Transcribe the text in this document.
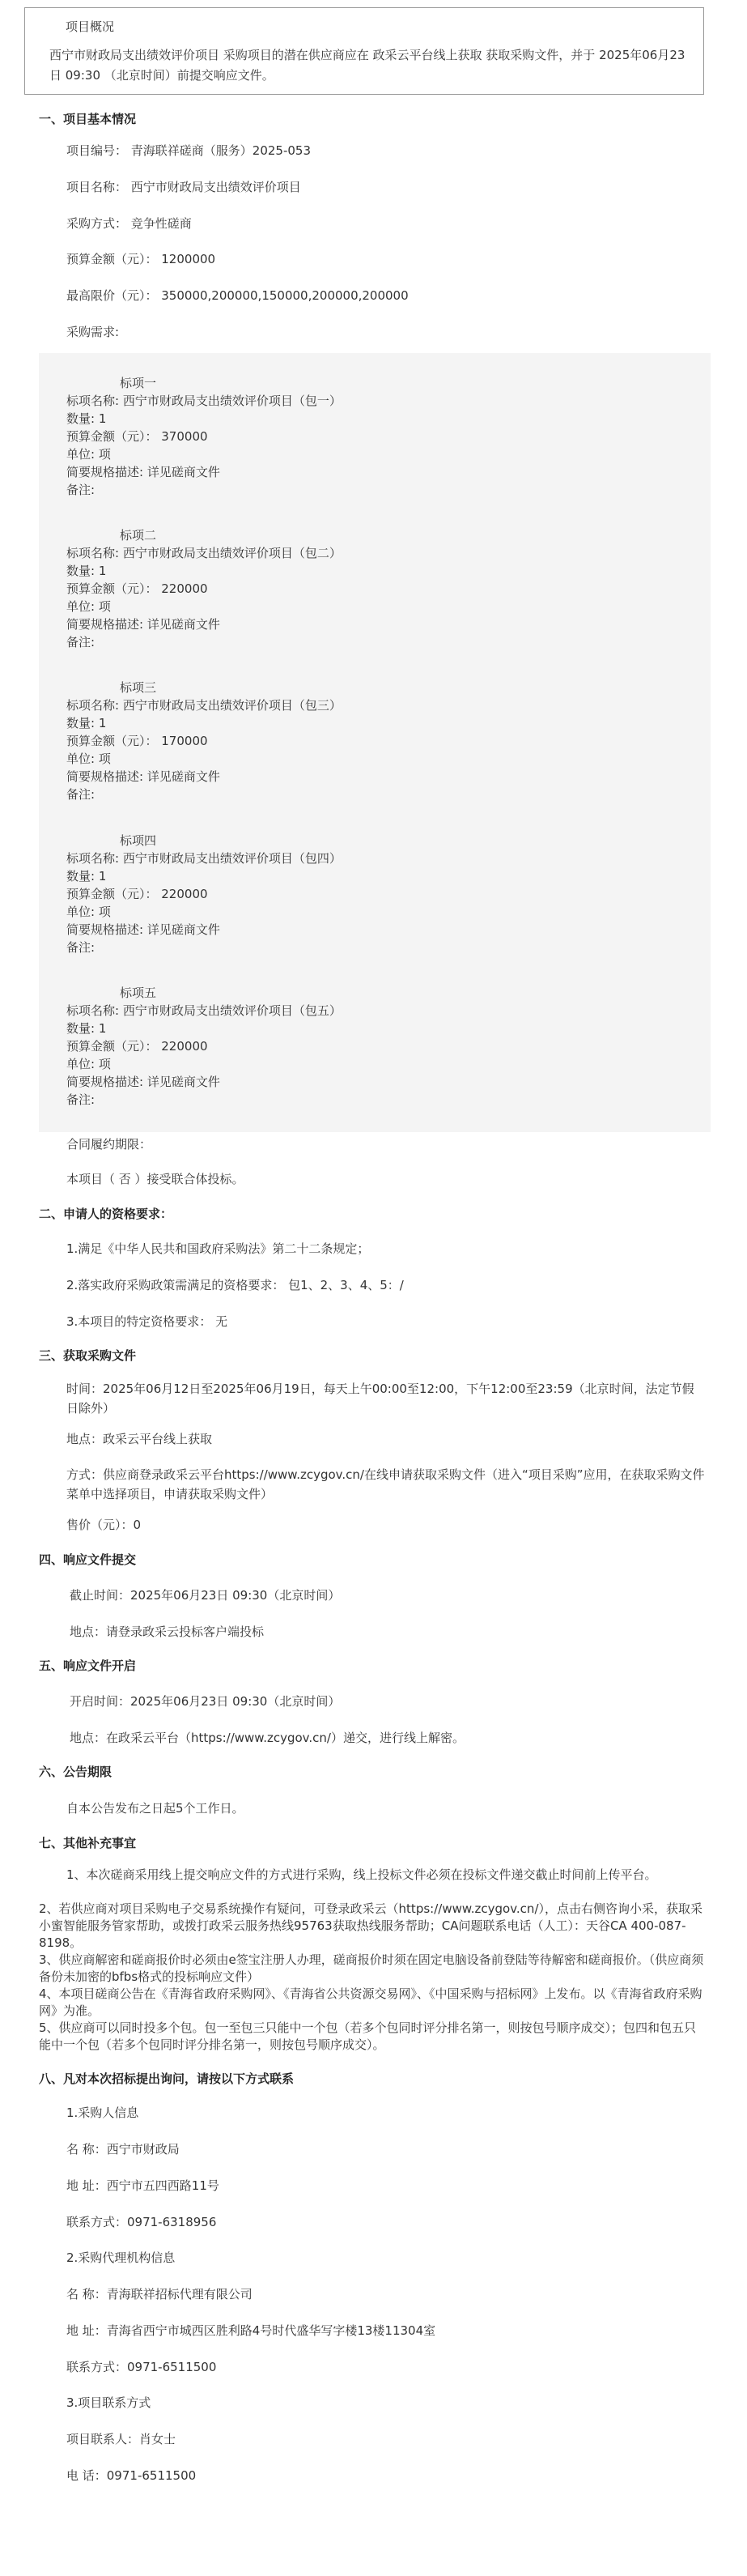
项目概况
西宁市财政局支出绩效评价项目 采购项目的潜在供应商应在 政采云平台线上获取 获取采购文件，并于 2025年06月23日 09:30 （北京时间）前提交响应文件。
一、项目基本情况
项目编号： 青海联祥磋商（服务）2025-053
项目名称： 西宁市财政局支出绩效评价项目
采购方式： 竞争性磋商
预算金额（元）： 1200000
最高限价（元）： 350000,200000,150000,200000,200000
采购需求:
标项一
标项名称: 西宁市财政局支出绩效评价项目（包一）
数量: 1
预算金额（元）： 370000
单位: 项
简要规格描述: 详见磋商文件
备注:
标项二
标项名称: 西宁市财政局支出绩效评价项目（包二）
数量: 1
预算金额（元）： 220000
单位: 项
简要规格描述: 详见磋商文件
备注:
标项三
标项名称: 西宁市财政局支出绩效评价项目（包三）
数量: 1
预算金额（元）： 170000
单位: 项
简要规格描述: 详见磋商文件
备注:
标项四
标项名称: 西宁市财政局支出绩效评价项目（包四）
数量: 1
预算金额（元）： 220000
单位: 项
简要规格描述: 详见磋商文件
备注:
标项五
标项名称: 西宁市财政局支出绩效评价项目（包五）
数量: 1
预算金额（元）： 220000
单位: 项
简要规格描述: 详见磋商文件
备注:
合同履约期限：
本项目（ 否 ）接受联合体投标。
二、申请人的资格要求：
1.满足《中华人民共和国政府采购法》第二十二条规定；
2.落实政府采购政策需满足的资格要求： 包1、2、3、4、5：/
3.本项目的特定资格要求： 无
三、获取采购文件
时间：2025年06月12日至2025年06月19日，每天上午00:00至12:00，下午12:00至23:59（北京时间，法定节假日除外）
地点：政采云平台线上获取
方式：供应商登录政采云平台https://www.zcygov.cn/在线申请获取采购文件（进入“项目采购”应用，在获取采购文件菜单中选择项目，申请获取采购文件）
售价（元）：0
四、响应文件提交
截止时间：2025年06月23日 09:30（北京时间）
地点：请登录政采云投标客户端投标
五、响应文件开启
开启时间：2025年06月23日 09:30（北京时间）
地点：在政采云平台（https://www.zcygov.cn/）递交，进行线上解密。
六、公告期限
自本公告发布之日起5个工作日。
七、其他补充事宜
1、本次磋商采用线上提交响应文件的方式进行采购，线上投标文件必须在投标文件递交截止时间前上传平台。
2、若供应商对项目采购电子交易系统操作有疑问，可登录政采云（https://www.zcygov.cn/），点击右侧咨询小采，获取采小蜜智能服务管家帮助，或拨打政采云服务热线95763获取热线服务帮助；CA问题联系电话（人工）：天谷CA 400-087-8198。
3、供应商解密和磋商报价时必须由e签宝注册人办理，磋商报价时须在固定电脑设备前登陆等待解密和磋商报价。（供应商须备份未加密的bfbs格式的投标响应文件）
4、本项目磋商公告在《青海省政府采购网》、《青海省公共资源交易网》、《中国采购与招标网》上发布。以《青海省政府采购网》为准。
5、供应商可以同时投多个包。包一至包三只能中一个包（若多个包同时评分排名第一，则按包号顺序成交）；包四和包五只能中一个包（若多个包同时评分排名第一，则按包号顺序成交）。
八、凡对本次招标提出询问，请按以下方式联系
1.采购人信息
名 称：西宁市财政局
地 址：西宁市五四西路11号
联系方式：0971-6318956
2.采购代理机构信息
名 称：青海联祥招标代理有限公司
地 址：青海省西宁市城西区胜利路4号时代盛华写字楼13楼11304室
联系方式：0971-6511500
3.项目联系方式
项目联系人：肖女士
电 话：0971-6511500
